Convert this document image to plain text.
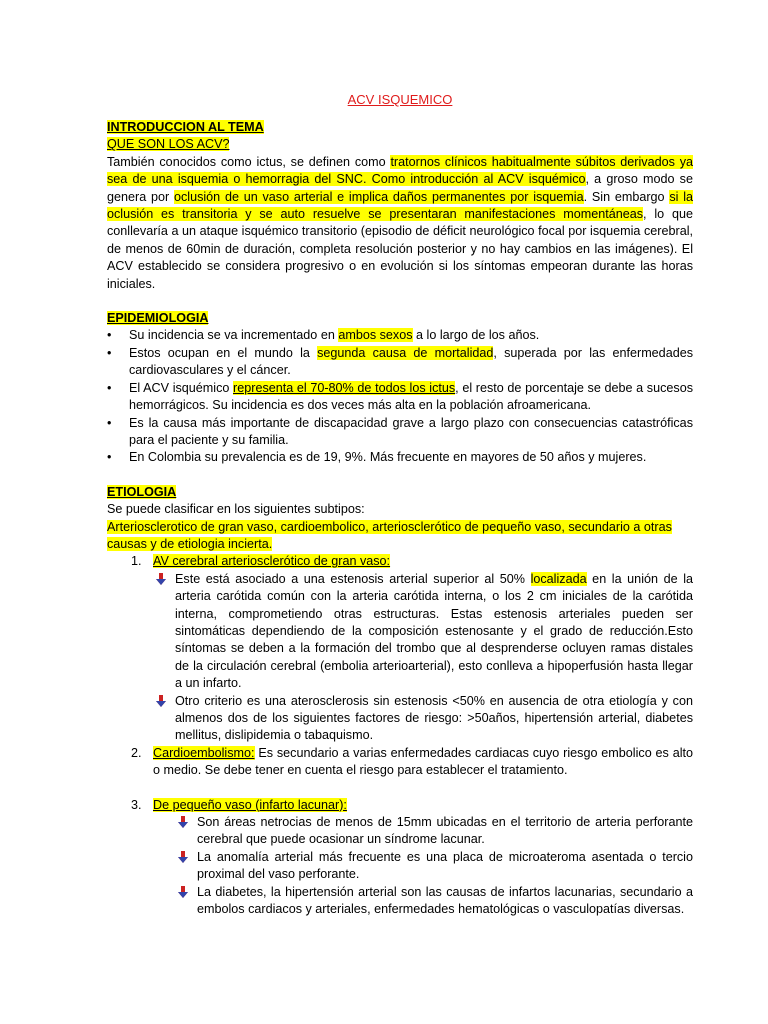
ACV ISQUEMICO
INTRODUCCION AL TEMA
QUE SON LOS ACV?
También conocidos como ictus, se definen como tratornos clínicos habitualmente súbitos derivados ya sea de una isquemia o hemorragia del SNC. Como introducción al ACV isquémico, a groso modo se genera por oclusión de un vaso arterial e implica daños permanentes por isquemia. Sin embargo si la oclusión es transitoria y se auto resuelve se presentaran manifestaciones momentáneas, lo que conllevaría a un ataque isquémico transitorio (episodio de déficit neurológico focal por isquemia cerebral, de menos de 60min de duración, completa resolución posterior y no hay cambios en las imágenes). El ACV establecido se considera progresivo o en evolución si los síntomas empeoran durante las horas iniciales.
EPIDEMIOLOGIA
• Su incidencia se va incrementado en ambos sexos a lo largo de los años.
• Estos ocupan en el mundo la segunda causa de mortalidad, superada por las enfermedades cardiovasculares y el cáncer.
• El ACV isquémico representa el 70-80% de todos los ictus, el resto de porcentaje se debe a sucesos hemorrágicos. Su incidencia es dos veces más alta en la población afroamericana.
• Es la causa más importante de discapacidad grave a largo plazo con consecuencias catastróficas para el paciente y su familia.
• En Colombia su prevalencia es de 19, 9%. Más frecuente en mayores de 50 años y mujeres.
ETIOLOGIA
Se puede clasificar en los siguientes subtipos:
Arteriosclerotico de gran vaso, cardioembolico, arteriosclerótico de pequeño vaso, secundario a otras causas y de etiologia incierta.
1. AV cerebral arteriosclerótico de gran vaso:
Este está asociado a una estenosis arterial superior al 50% localizada en la unión de la arteria carótida común con la arteria carótida interna, o los 2 cm iniciales de la carótida interna, comprometiendo otras estructuras. Estas estenosis arteriales pueden ser sintomáticas dependiendo de la composición estenosante y el grado de reducción.Esto síntomas se deben a la formación del trombo que al desprenderse ocluyen ramas distales de la circulación cerebral (embolia arterioarterial), esto conlleva a hipoperfusión hasta llegar a un infarto.
Otro criterio es una aterosclerosis sin estenosis <50% en ausencia de otra etiología y con almenos dos de los siguientes factores de riesgo: >50años, hipertensión arterial, diabetes mellitus, dislipidemia o tabaquismo.
2. Cardioembolismo: Es secundario a varias enfermedades cardiacas cuyo riesgo embolico es alto o medio. Se debe tener en cuenta el riesgo para establecer el tratamiento.
3. De pequeño vaso (infarto lacunar):
Son áreas netrocias de menos de 15mm ubicadas en el territorio de arteria perforante cerebral que puede ocasionar un síndrome lacunar.
La anomalía arterial más frecuente es una placa de microateroma asentada o tercio proximal del vaso perforante.
La diabetes, la hipertensión arterial son las causas de infartos lacunarias, secundario a embolos cardiacos y arteriales, enfermedades hematológicas o vasculopatías diversas.
